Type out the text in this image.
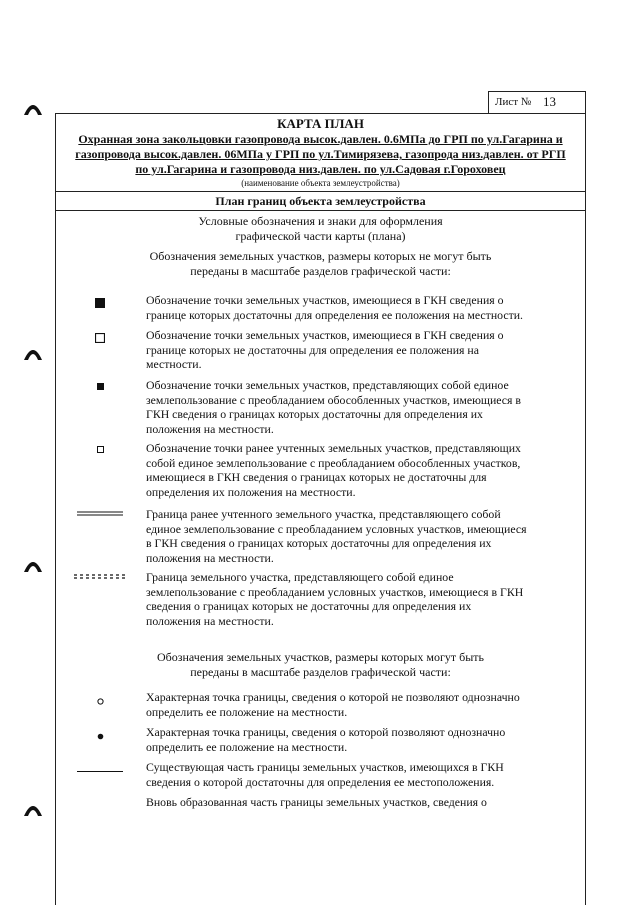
Лист № 13
КАРТА ПЛАН
Охранная зона закольцовки газопровода высок.давлен. 0.6МПа до ГРП по ул.Гагарина и
газопровода высок.давлен. 06МПа у ГРП по ул.Тимирязева, газопрода низ.давлен. от РГП
по ул.Гагарина и газопровода низ.давлен. по ул.Садовая г.Гороховец
(наименование объекта землеустройства)
План границ объекта землеустройства
Условные обозначения и знаки для оформления
графической части карты (плана)
Обозначения земельных участков, размеры которых не могут быть
переданы в масштабе разделов графической части:
Обозначение точки земельных участков, имеющиеся в ГКН сведения о
границе которых достаточны для определения ее положения на местности.
Обозначение точки земельных участков, имеющиеся в ГКН сведения о
границе которых не достаточны для определения ее положения на
местности.
Обозначение точки земельных участков, представляющих собой единое
землепользование с преобладанием обособленных участков, имеющиеся в
ГКН сведения о границах которых достаточны для определения их
положения на местности.
Обозначение точки ранее учтенных земельных участков, представляющих
собой единое землепользование с преобладанием обособленных участков,
имеющиеся в ГКН сведения о границах которых не достаточны для
определения их положения на местности.
Граница ранее учтенного земельного участка, представляющего собой
единое землепользование с преобладанием условных участков, имеющиеся
в ГКН сведения о границах которых достаточны для определения их
положения на местности.
Граница земельного участка, представляющего собой единое
землепользование с преобладанием условных участков, имеющиеся в ГКН
сведения о границах которых не достаточны для определения их
положения на местности.
Обозначения земельных участков, размеры которых могут быть
переданы в масштабе разделов графической части:
Характерная точка границы, сведения о которой не позволяют однозначно
определить ее положение на местности.
Характерная точка границы, сведения о которой позволяют однозначно
определить ее положение на местности.
Существующая часть границы земельных участков, имеющихся в ГКН
сведения о которой достаточны для определения ее местоположения.
Вновь образованная часть границы земельных участков, сведения о
